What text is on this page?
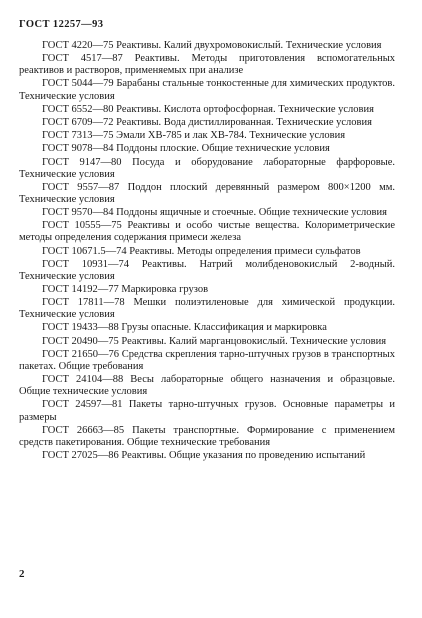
ГОСТ 12257—93
ГОСТ 4220—75 Реактивы. Калий двухромовокислый. Технические условия
ГОСТ 4517—87 Реактивы. Методы приготовления вспомогательных реактивов и растворов, применяемых при анализе
ГОСТ 5044—79 Барабаны стальные тонкостенные для химических продуктов. Технические условия
ГОСТ 6552—80 Реактивы. Кислота ортофосфорная. Технические условия
ГОСТ 6709—72 Реактивы. Вода дистиллированная. Технические условия
ГОСТ 7313—75 Эмали ХВ-785 и лак ХВ-784. Технические условия
ГОСТ 9078—84 Поддоны плоские. Общие технические условия
ГОСТ 9147—80 Посуда и оборудование лабораторные фарфоровые. Технические условия
ГОСТ 9557—87 Поддон плоский деревянный размером 800×1200 мм. Технические условия
ГОСТ 9570—84 Поддоны ящичные и стоечные. Общие технические условия
ГОСТ 10555—75 Реактивы и особо чистые вещества. Колориметрические методы определения содержания примеси железа
ГОСТ 10671.5—74 Реактивы. Методы определения примеси сульфатов
ГОСТ 10931—74 Реактивы. Натрий молибденовокислый 2-водный. Технические условия
ГОСТ 14192—77 Маркировка грузов
ГОСТ 17811—78 Мешки полиэтиленовые для химической продукции. Технические условия
ГОСТ 19433—88 Грузы опасные. Классификация и маркировка
ГОСТ 20490—75 Реактивы. Калий марганцовокислый. Технические условия
ГОСТ 21650—76 Средства скрепления тарно-штучных грузов в транспортных пакетах. Общие требования
ГОСТ 24104—88 Весы лабораторные общего назначения и образцовые. Общие технические условия
ГОСТ 24597—81 Пакеты тарно-штучных грузов. Основные параметры и размеры
ГОСТ 26663—85 Пакеты транспортные. Формирование с применением средств пакетирования. Общие технические требования
ГОСТ 27025—86 Реактивы. Общие указания по проведению испытаний
2
